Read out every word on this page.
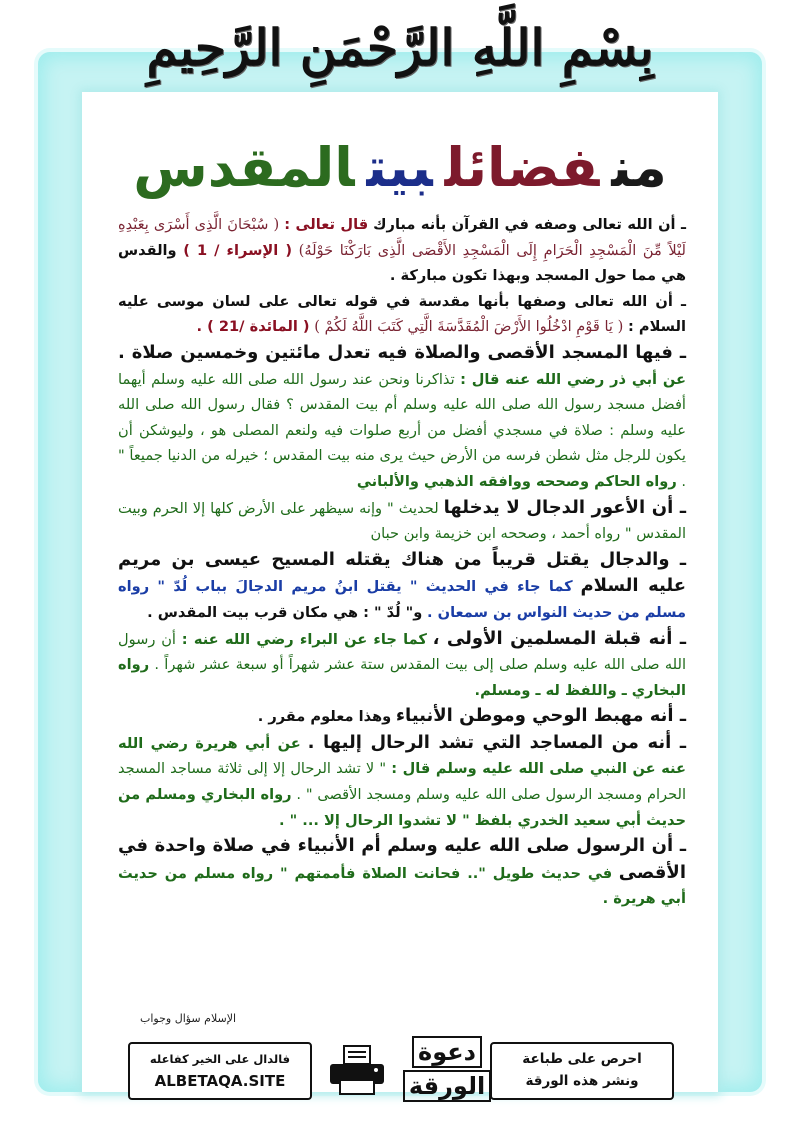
بِسْمِ اللَّهِ الرَّحْمَنِ الرَّحِيمِ
منفضائلبيتالمقدس

ـ أن الله تعالى وصفه في القرآن بأنه مبارك قال تعالى : ( سُبْحَانَ الَّذِى أَسْرَى بِعَبْدِهِ لَيْلاً مِّنَ الْمَسْجِدِ الْحَرَامِ إِلَى الْمَسْجِدِ الأَقْصَى الَّذِى بَارَكْنَا حَوْلَهُ) ( الإسراء / 1 ) والقدس هي مما حول المسجد وبهذا تكون مباركة .

ـ أن الله تعالى وصفها بأنها مقدسة في قوله تعالى على لسان موسى عليه السلام : ( يَا قَوْمِ ادْخُلُوا الأَرْضَ الْمُقَدَّسَةَ الَّتِي كَتَبَ اللَّهُ لَكُمْ ) ( المائدة /21 ) .

ـ فيها المسجد الأقصى والصلاة فيه تعدل مائتين وخمسين صلاة . عن أبي ذر رضي الله عنه قال : تذاكرنا ونحن عند رسول الله صلى الله عليه وسلم أيهما أفضل مسجد رسول الله صلى الله عليه وسلم أم بيت المقدس ؟ فقال رسول الله صلى الله عليه وسلم : صلاة في مسجدي أفضل من أربع صلوات فيه ولنعم المصلى هو ، وليوشكن أن يكون للرجل مثل شطن فرسه من الأرض حيث يرى منه بيت المقدس ؛ خيرله من الدنيا جميعاً " . رواه الحاكم وصححه ووافقه الذهبي والألباني

ـ أن الأعور الدجال لا يدخلها لحديث " وإنه سيظهر على الأرض كلها إلا الحرم وبيت المقدس " رواه أحمد ، وصححه ابن خزيمة وابن حبان

ـ والدجال يقتل قريباً من هناك يقتله المسيح عيسى بن مريم عليه السلام كما جاء في الحديث " يقتل ابنُ مريم الدجالَ بباب لُدّ " رواه مسلم من حديث النواس بن سمعان . و" لُدّ " : هي مكان قرب بيت المقدس .

ـ أنه قبلة المسلمين الأولى ، كما جاء عن البراء رضي الله عنه : أن رسول الله صلى الله عليه وسلم صلى إلى بيت المقدس ستة عشر شهراً أو سبعة عشر شهراً . رواه البخاري ـ واللفظ له ـ ومسلم.

ـ أنه مهبط الوحي وموطن الأنبياء وهذا معلوم مقرر .

ـ أنه من المساجد التي تشد الرحال إليها . عن أبي هريرة رضي الله عنه عن النبي صلى الله عليه وسلم قال : " لا تشد الرحال إلا إلى ثلاثة مساجد المسجد الحرام ومسجد الرسول صلى الله عليه وسلم ومسجد الأقصى " . رواه البخاري ومسلم من حديث أبي سعيد الخدري بلفظ " لا تشدوا الرحال إلا ... " .

ـ أن الرسول صلى الله عليه وسلم أم الأنبياء في صلاة واحدة في الأقصى في حديث طويل ".. فحانت الصلاة فأممتهم " رواه مسلم من حديث أبي هريرة .

الإسلام سؤال وجواب
احرص على طباعة
ونشر هذه الورقة
دعوة
الورقة
فالدال على الخير كفاعله
ALBETAQA.SITE
